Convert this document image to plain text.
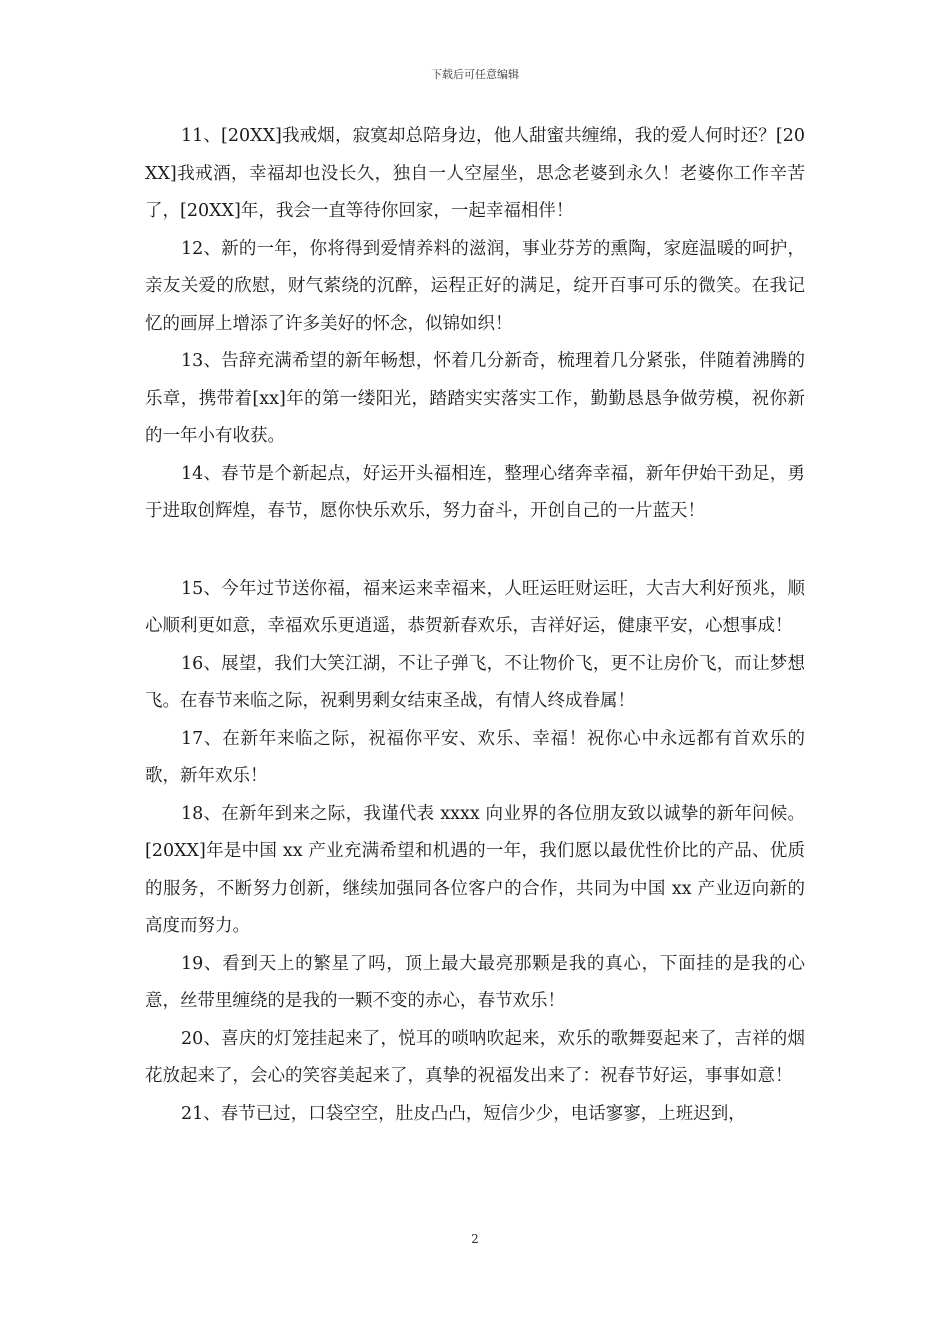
下载后可任意编辑

11、[20XX]我戒烟，寂寞却总陪身边，他人甜蜜共缠绵，我的爱人何时还？[20XX]我戒酒，幸福却也没长久，独自一人空屋坐，思念老婆到永久！老婆你工作辛苦了，[20XX]年，我会一直等待你回家，一起幸福相伴！

12、新的一年，你将得到爱情养料的滋润，事业芬芳的熏陶，家庭温暖的呵护，亲友关爱的欣慰，财气萦绕的沉醉，运程正好的满足，绽开百事可乐的微笑。在我记忆的画屏上增添了许多美好的怀念，似锦如织！

13、告辞充满希望的新年畅想，怀着几分新奇，梳理着几分紧张，伴随着沸腾的乐章，携带着[xx]年的第一缕阳光，踏踏实实落实工作，勤勤恳恳争做劳模，祝你新的一年小有收获。

14、春节是个新起点，好运开头福相连，整理心绪奔幸福，新年伊始干劲足，勇于进取创辉煌，春节，愿你快乐欢乐，努力奋斗，开创自己的一片蓝天！

15、今年过节送你福，福来运来幸福来，人旺运旺财运旺，大吉大利好预兆，顺心顺利更如意，幸福欢乐更逍遥，恭贺新春欢乐，吉祥好运，健康平安，心想事成！

16、展望，我们大笑江湖，不让子弹飞，不让物价飞，更不让房价飞，而让梦想飞。在春节来临之际，祝剩男剩女结束圣战，有情人终成眷属！

17、在新年来临之际，祝福你平安、欢乐、幸福！祝你心中永远都有首欢乐的歌，新年欢乐！

18、在新年到来之际，我谨代表 xxxx 向业界的各位朋友致以诚挚的新年问候。[20XX]年是中国 xx 产业充满希望和机遇的一年，我们愿以最优性价比的产品、优质的服务，不断努力创新，继续加强同各位客户的合作，共同为中国 xx 产业迈向新的高度而努力。

19、看到天上的繁星了吗，顶上最大最亮那颗是我的真心，下面挂的是我的心意，丝带里缠绕的是我的一颗不变的赤心，春节欢乐！

20、喜庆的灯笼挂起来了，悦耳的唢呐吹起来，欢乐的歌舞耍起来了，吉祥的烟花放起来了，会心的笑容美起来了，真挚的祝福发出来了：祝春节好运，事事如意！

21、春节已过，口袋空空，肚皮凸凸，短信少少，电话寥寥，上班迟到，

2
